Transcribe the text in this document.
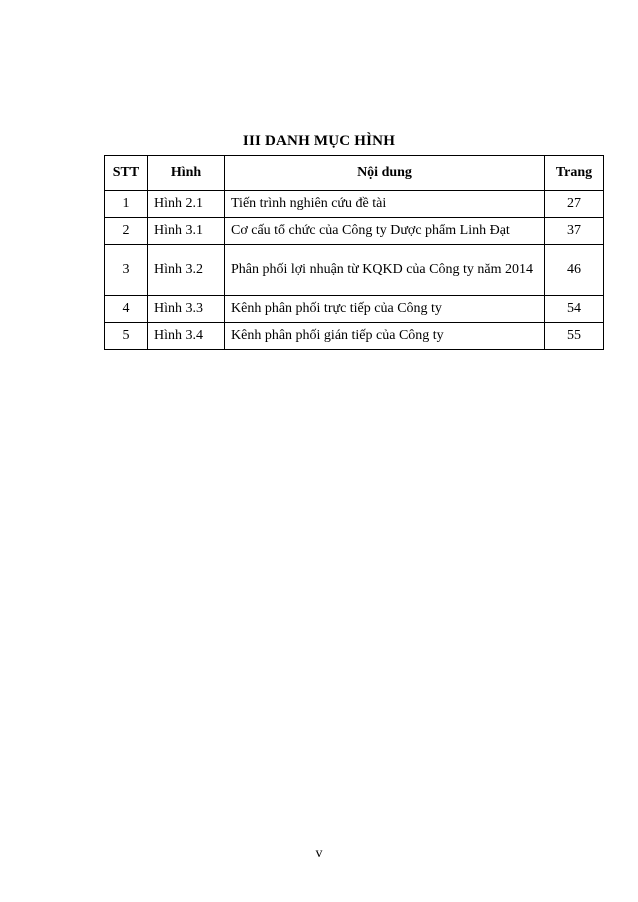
III DANH MỤC HÌNH
STT	Hình	Nội dung	Trang
1	Hình 2.1	Tiến trình nghiên cứu đề tài	27
2	Hình 3.1	Cơ cấu tổ chức của Công ty Dược phẩm Linh Đạt	37
3	Hình 3.2	Phân phối lợi nhuận từ KQKD của Công ty năm 2014	46
4	Hình 3.3	Kênh phân phối trực tiếp của Công ty	54
5	Hình 3.4	Kênh phân phối gián tiếp của Công ty	55
v
